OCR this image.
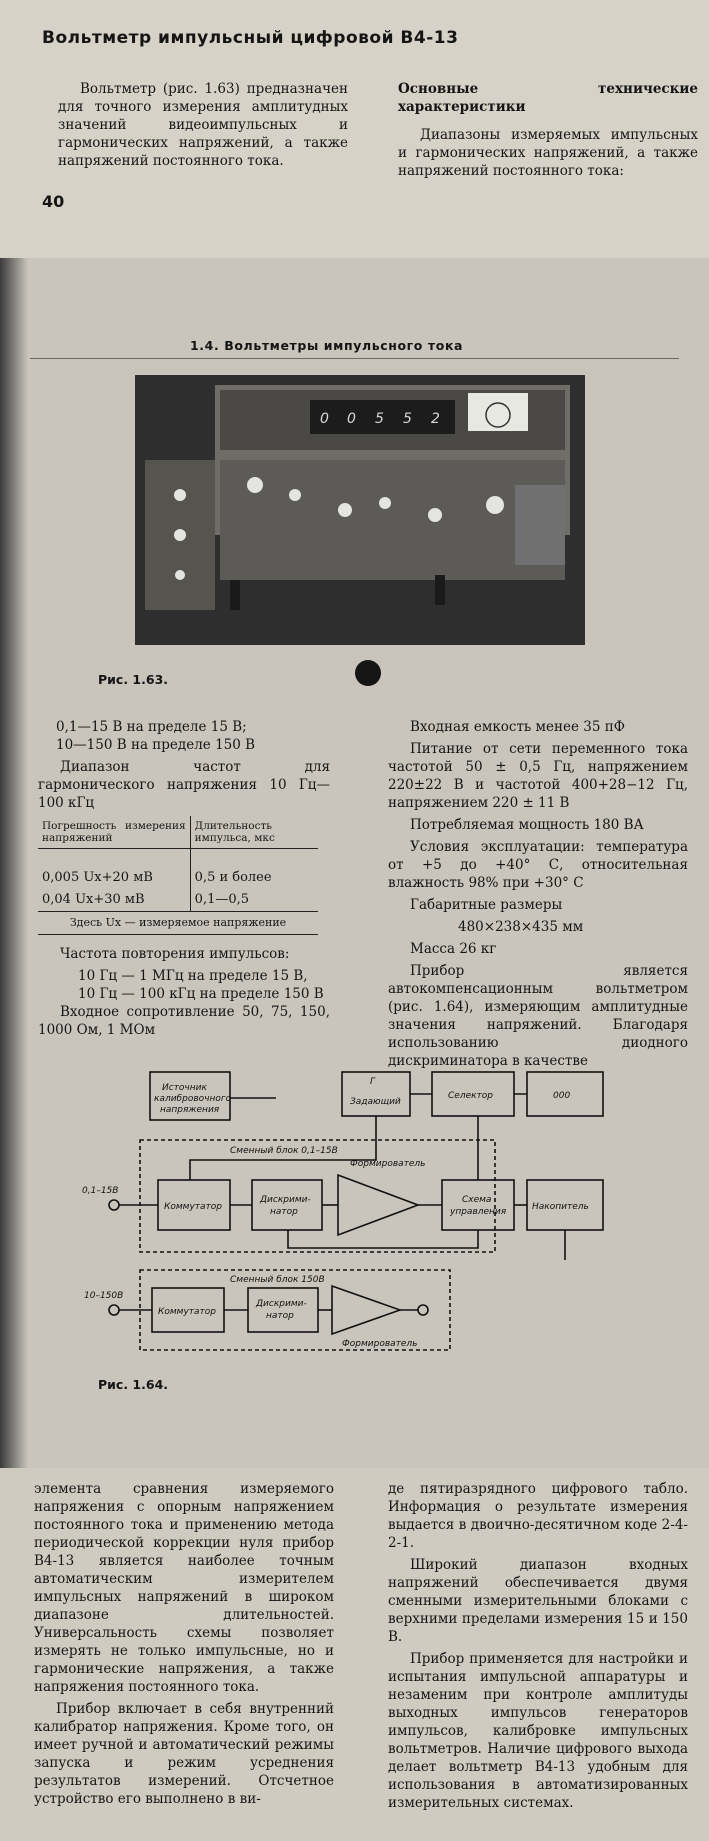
Вольтметр импульсный цифровой В4-13

Вольтметр (рис. 1.63) предназначен для точного измерения амплитудных значений видеоимпульсных и гармонических напряжений, а также напряжений постоянного тока.

40

Основные технические характеристики

Диапазоны измеряемых импульсных и гармонических напряжений, а также напряжений постоянного тока:

1.4. Вольтметры импульсного тока
0 0 5 5 2
Рис. 1.63.

0,1—15 В на пределе 15 В;

10—150 В на пределе 150 В

Диапазон частот для гармонического напряжения 10 Гц—100 кГц

Погрешность измерения напряжений	Длительность импульса, мкс

0,005 Ux+20 мВ	0,5 и более
0,04 Ux+30 мВ	0,1—0,5
Здесь Ux — измеряемое напряжение

Частота повторения импульсов:

10 Гц — 1 МГц на пределе 15 В,

10 Гц — 100 кГц на пределе 150 В

Входное сопротивление 50, 75, 150, 1000 Ом, 1 МОм

Входная емкость менее 35 пФ

Питание от сети переменного тока частотой 50 ± 0,5 Гц, напряжением 220±22 В и частотой 400+28−12 Гц, напряжением 220 ± 11 В

Потребляемая мощность 180 ВА

Условия эксплуатации: температура от +5 до +40° С, относительная влажность 98% при +30° С

Габаритные размеры

480×238×435 мм

Масса 26 кг

Прибор является автокомпенсационным вольтметром (рис. 1.64), измеряющим амплитудные значения напряжений. Благодаря использованию диодного дискриминатора в качестве

Источник
калибровочного
напряжения
Г
Задающий
Селектор	000
Сменный блок 0,1–15В
Формирователь
0,1–15В
Коммутатор
Дискрими-
натор
Схема
управления	Накопитель
Сменный блок 150В
10–150В
Коммутатор
Дискрими-
натор
Формирователь
Рис. 1.64.

элемента сравнения измеряемого напряжения с опорным напряжением постоянного тока и применению метода периодической коррекции нуля прибор В4-13 является наиболее точным автоматическим измерителем импульсных напряжений в широком диапазоне длительностей. Универсальность схемы позволяет измерять не только импульсные, но и гармонические напряжения, а также напряжения постоянного тока.

Прибор включает в себя внутренний калибратор напряжения. Кроме того, он имеет ручной и автоматический режимы запуска и режим усреднения результатов измерений. Отсчетное устройство его выполнено в ви-

де пятиразрядного цифрового табло. Информация о результате измерения выдается в двоично-десятичном коде 2-4-2-1.

Широкий диапазон входных напряжений обеспечивается двумя сменными измерительными блоками с верхними пределами измерения 15 и 150 В.

Прибор применяется для настройки и испытания импульсной аппаратуры и незаменим при контроле амплитуды выходных импульсов генераторов импульсов, калибровке импульсных вольтметров. Наличие цифрового выхода делает вольтметр В4-13 удобным для использования в автоматизированных измерительных системах.
